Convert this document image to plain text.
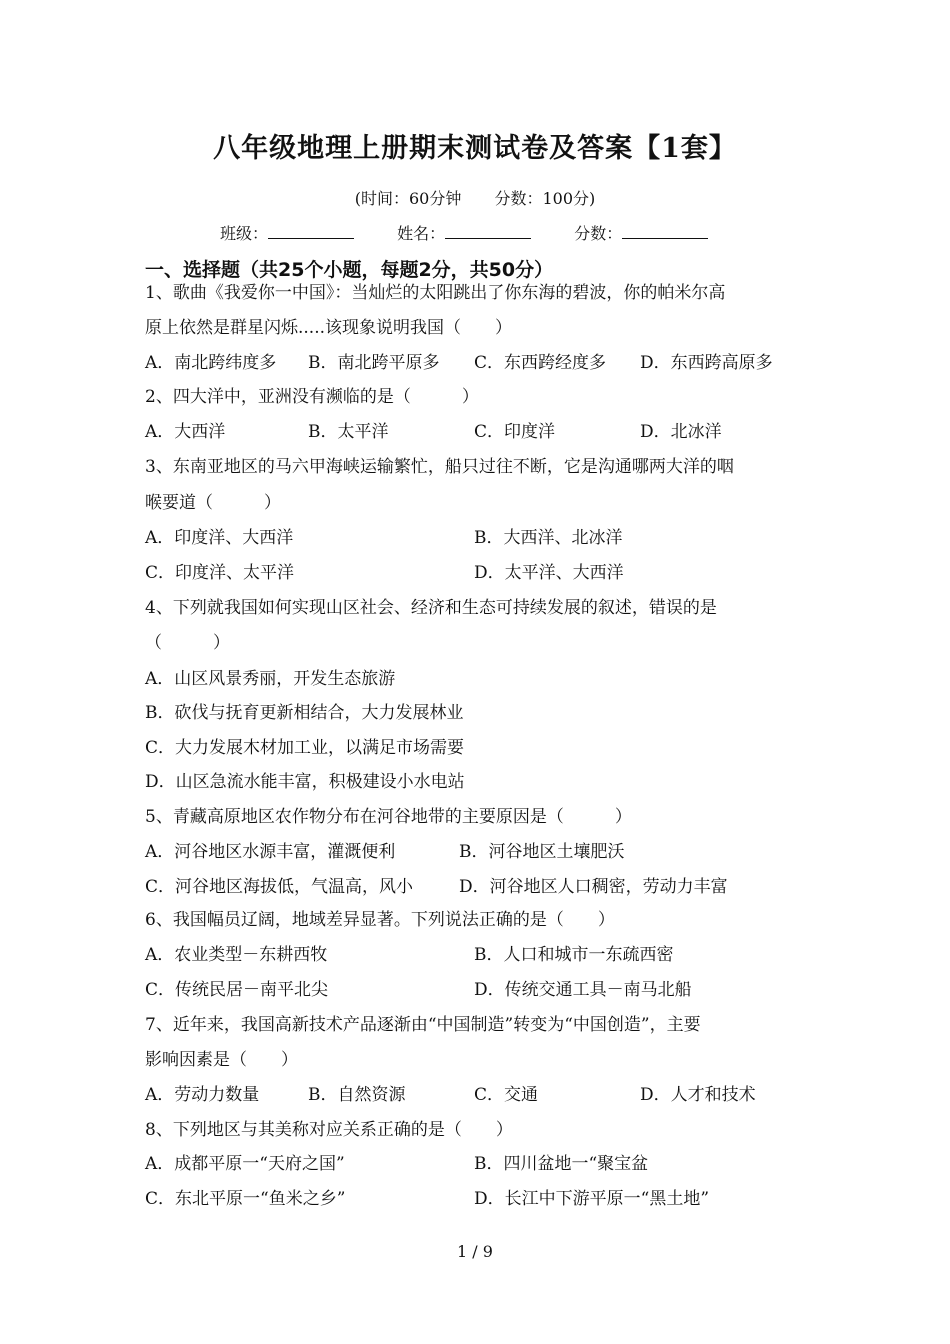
八年级地理上册期末测试卷及答案【1套】
(时间：60分钟 分数：100分)
班级：	姓名：	分数：
一、选择题（共25个小题，每题2分，共50分）
1、歌曲《我爱你一中国》：当灿烂的太阳跳出了你东海的碧波，你的帕米尔高
原上依然是群星闪烁.....该现象说明我国（　　）
A．南北跨纬度多 B．南北跨平原多 C．东西跨经度多 D．东西跨高原多
2、四大洋中，亚洲没有濒临的是（　　　）
A．大西洋	B．太平洋	C．印度洋	D．北冰洋
3、东南亚地区的马六甲海峡运输繁忙，船只过往不断，它是沟通哪两大洋的咽
喉要道（　　　）
A．印度洋、大西洋	B．大西洋、北冰洋
C．印度洋、太平洋	D．太平洋、大西洋
4、下列就我国如何实现山区社会、经济和生态可持续发展的叙述，错误的是
（　　　）
A．山区风景秀丽，开发生态旅游
B．砍伐与抚育更新相结合，大力发展林业
C．大力发展木材加工业，以满足市场需要
D．山区急流水能丰富，积极建设小水电站
5、青藏高原地区农作物分布在河谷地带的主要原因是（　　　）
A．河谷地区水源丰富，灌溉便利	B．河谷地区土壤肥沃
C．河谷地区海拔低，气温高，风小	D．河谷地区人口稠密，劳动力丰富
6、我国幅员辽阔，地域差异显著。下列说法正确的是（　　）
A．农业类型－东耕西牧	B．人口和城市一东疏西密
C．传统民居－南平北尖	D．传统交通工具－南马北船
7、近年来，我国高新技术产品逐渐由“中国制造”转变为“中国创造”，主要
影响因素是（　　）
A．劳动力数量	B．自然资源	C．交通	D．人才和技术
8、下列地区与其美称对应关系正确的是（　　）
A．成都平原一“天府之国”	B．四川盆地一“聚宝盆
C．东北平原一“鱼米之乡”	D．长江中下游平原一“黑土地”
1 / 9
